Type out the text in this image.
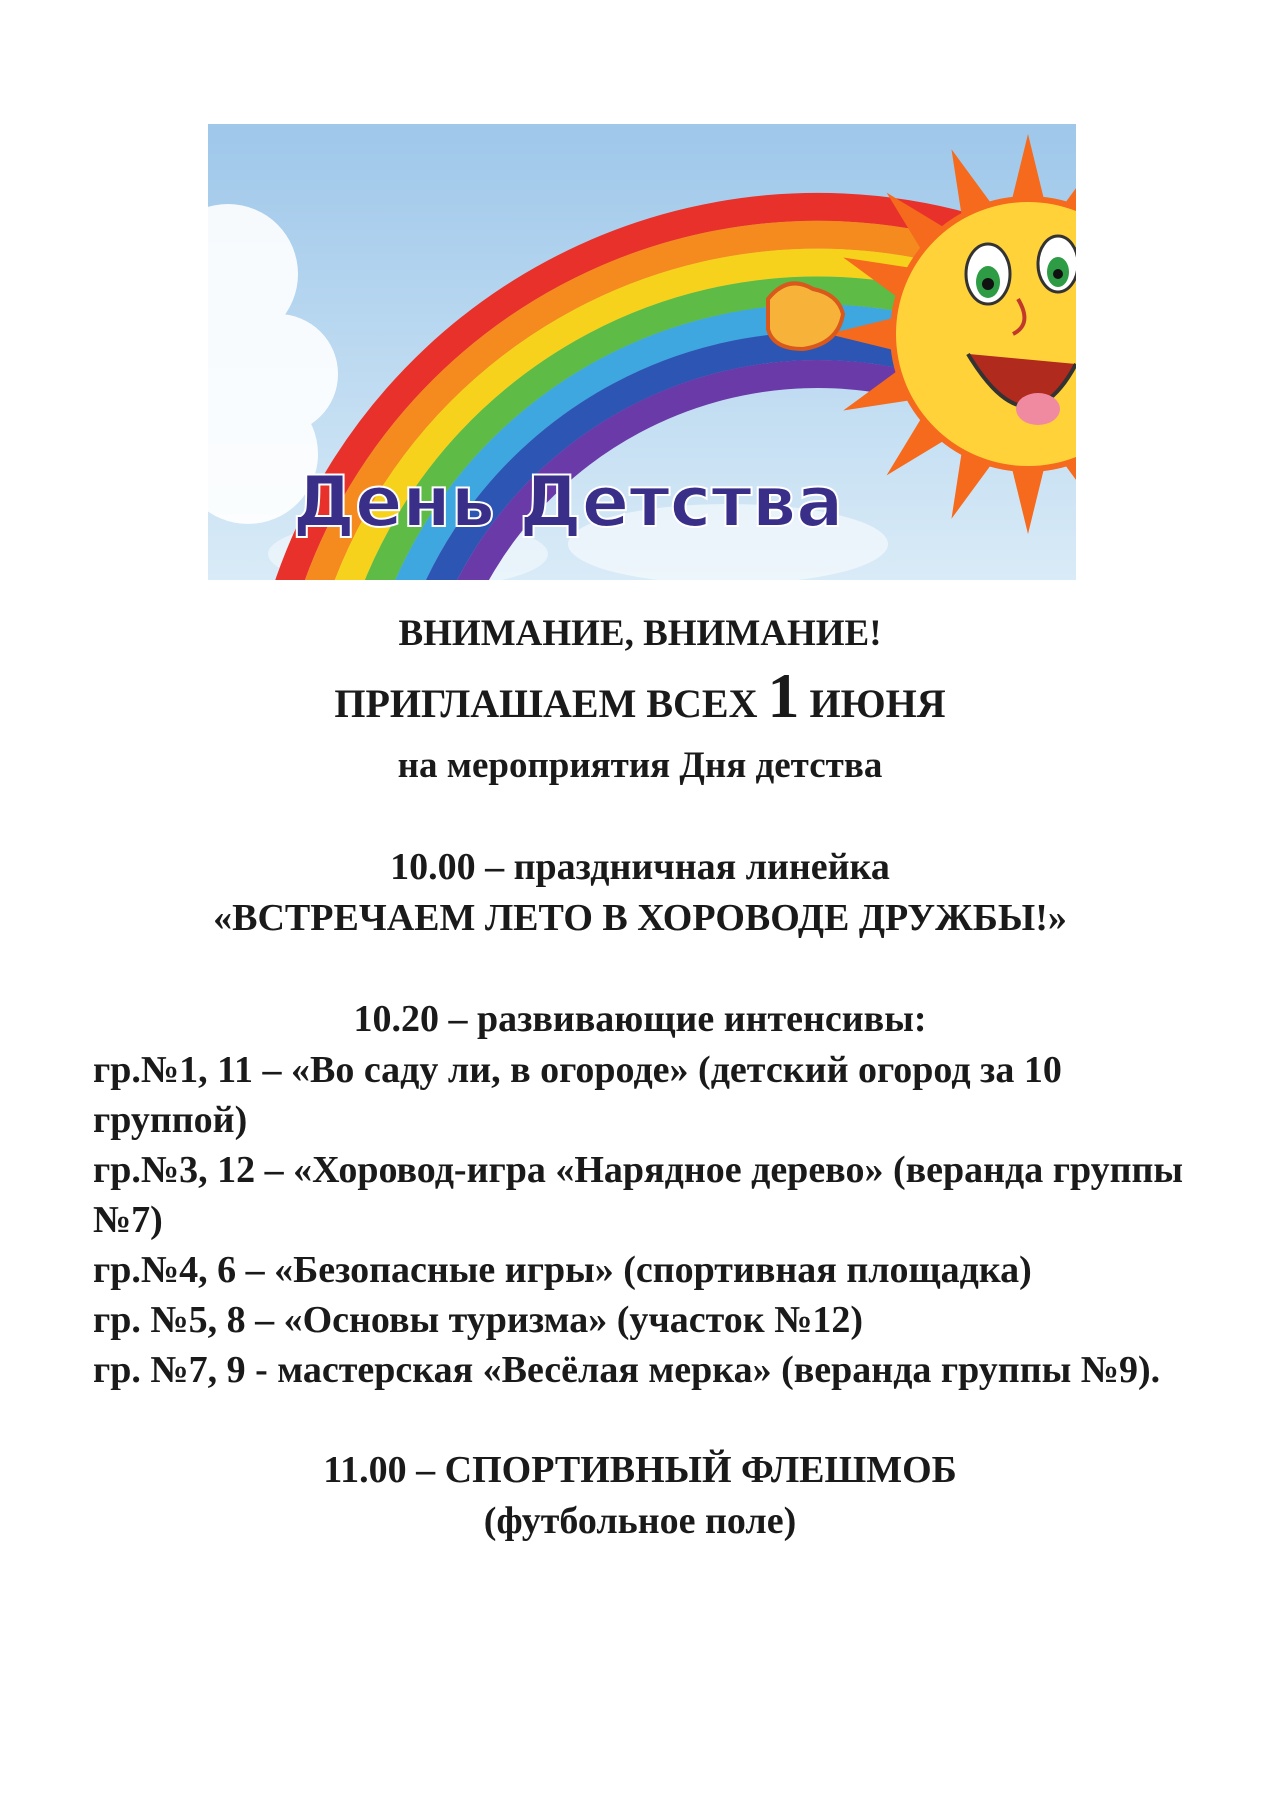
День Детства

ВНИМАНИЕ, ВНИМАНИЕ!

ПРИГЛАШАЕМ ВСЕХ 1 ИЮНЯ

на мероприятия Дня детства

10.00 – праздничная линейка

«ВСТРЕЧАЕМ ЛЕТО В ХОРОВОДЕ ДРУЖБЫ!»

10.20 – развивающие интенсивы:

гр.№1, 11 – «Во саду ли, в огороде» (детский огород за 10 группой)

гр.№3, 12 – «Хоровод-игра «Нарядное дерево» (веранда группы №7)

гр.№4, 6 – «Безопасные игры» (спортивная площадка)

гр. №5, 8 – «Основы туризма» (участок №12)

гр. №7, 9 - мастерская «Весёлая мерка» (веранда группы №9).

11.00 – СПОРТИВНЫЙ ФЛЕШМОБ

(футбольное поле)
